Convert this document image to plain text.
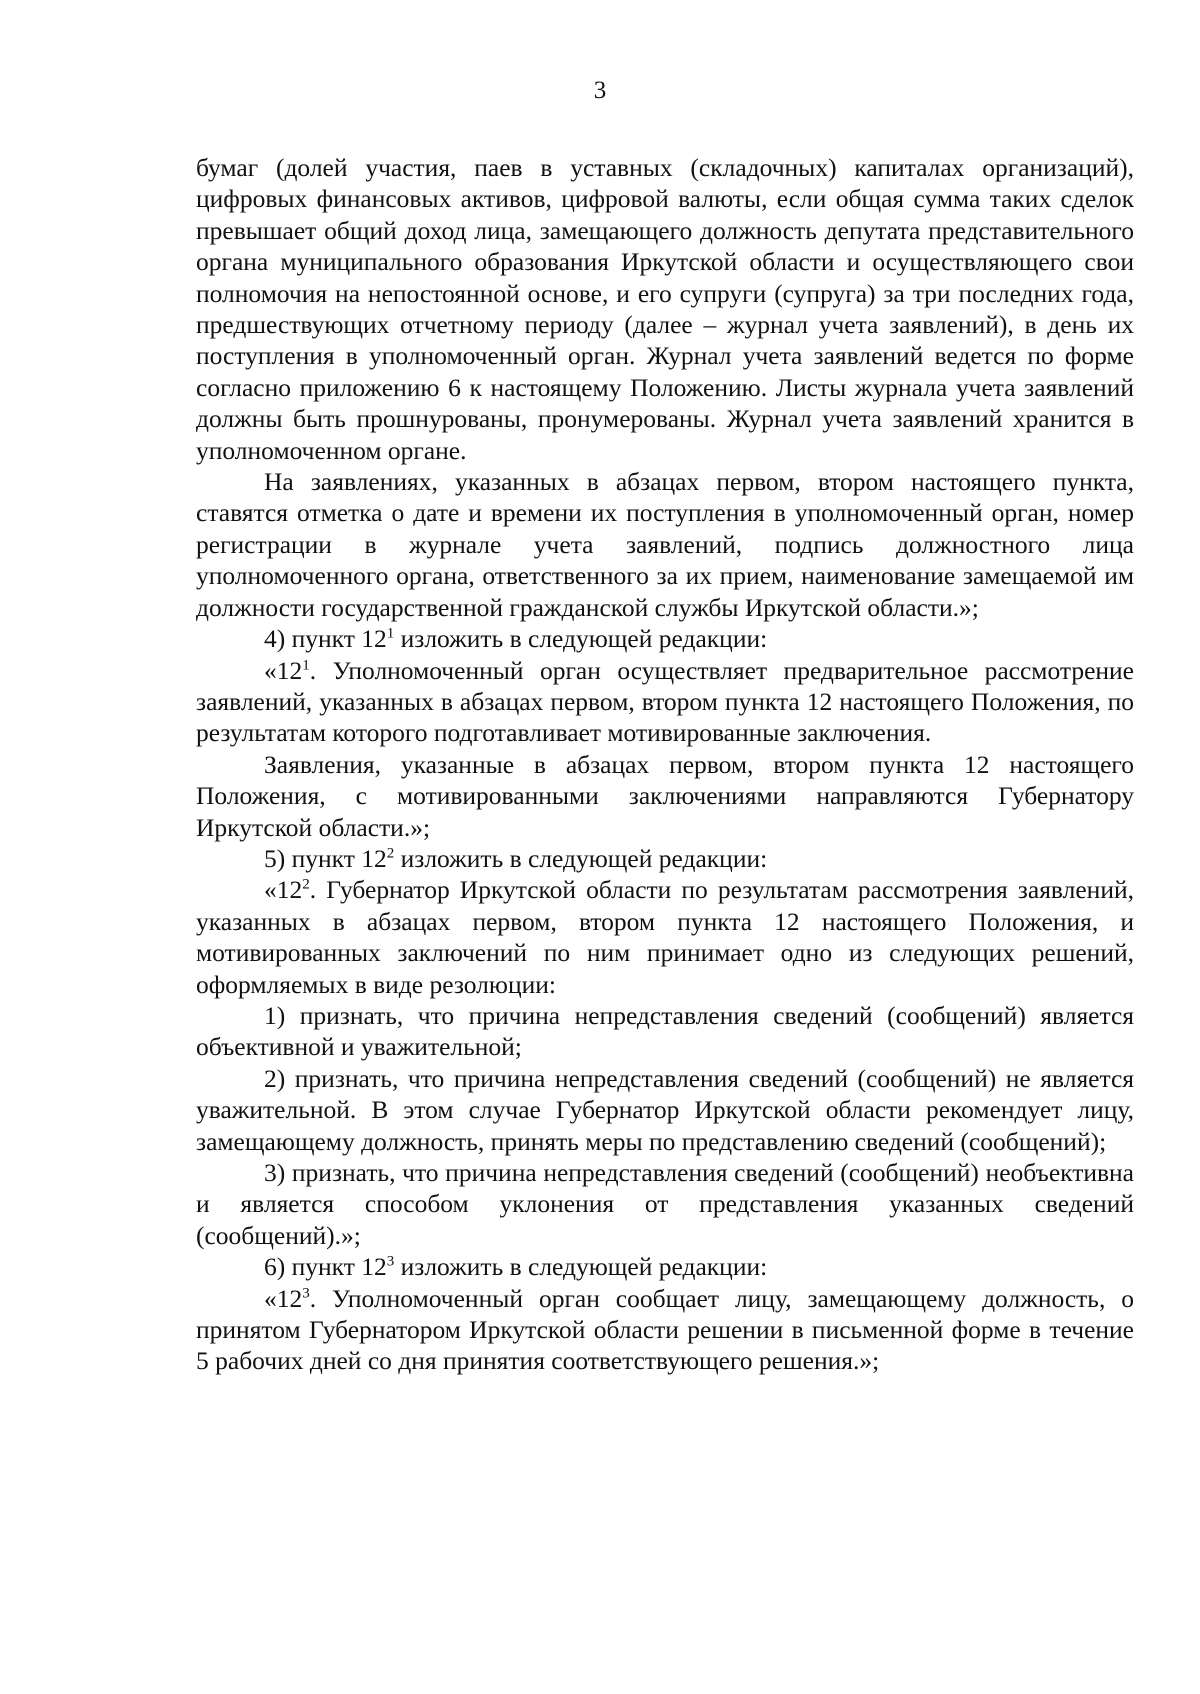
3

бумаг (долей участия, паев в уставных (складочных) капиталах организаций), цифровых финансовых активов, цифровой валюты, если общая сумма таких сделок превышает общий доход лица, замещающего должность депутата представительного органа муниципального образования Иркутской области и осуществляющего свои полномочия на непостоянной основе, и его супруги (супруга) за три последних года, предшествующих отчетному периоду (далее – журнал учета заявлений), в день их поступления в уполномоченный орган. Журнал учета заявлений ведется по форме согласно приложению 6 к настоящему Положению. Листы журнала учета заявлений должны быть прошнурованы, пронумерованы. Журнал учета заявлений хранится в уполномоченном органе.

На заявлениях, указанных в абзацах первом, втором настоящего пункта, ставятся отметка о дате и времени их поступления в уполномоченный орган, номер регистрации в журнале учета заявлений, подпись должностного лица уполномоченного органа, ответственного за их прием, наименование замещаемой им должности государственной гражданской службы Иркутской области.»;

4) пункт $12^1$ изложить в следующей редакции:

«$12^1$. Уполномоченный орган осуществляет предварительное рассмотрение заявлений, указанных в абзацах первом, втором пункта 12 настоящего Положения, по результатам которого подготавливает мотивированные заключения.

Заявления, указанные в абзацах первом, втором пункта 12 настоящего Положения, с мотивированными заключениями направляются Губернатору Иркутской области.»;

5) пункт $12^2$ изложить в следующей редакции:

«$12^2$. Губернатор Иркутской области по результатам рассмотрения заявлений, указанных в абзацах первом, втором пункта 12 настоящего Положения, и мотивированных заключений по ним принимает одно из следующих решений, оформляемых в виде резолюции:

1) признать, что причина непредставления сведений (сообщений) является объективной и уважительной;

2) признать, что причина непредставления сведений (сообщений) не является уважительной. В этом случае Губернатор Иркутской области рекомендует лицу, замещающему должность, принять меры по представлению сведений (сообщений);

3) признать, что причина непредставления сведений (сообщений) необъективна и является способом уклонения от представления указанных сведений (сообщений).»;

6) пункт $12^3$ изложить в следующей редакции:

«$12^3$. Уполномоченный орган сообщает лицу, замещающему должность, о принятом Губернатором Иркутской области решении в письменной форме в течение 5 рабочих дней со дня принятия соответствующего решения.»;
